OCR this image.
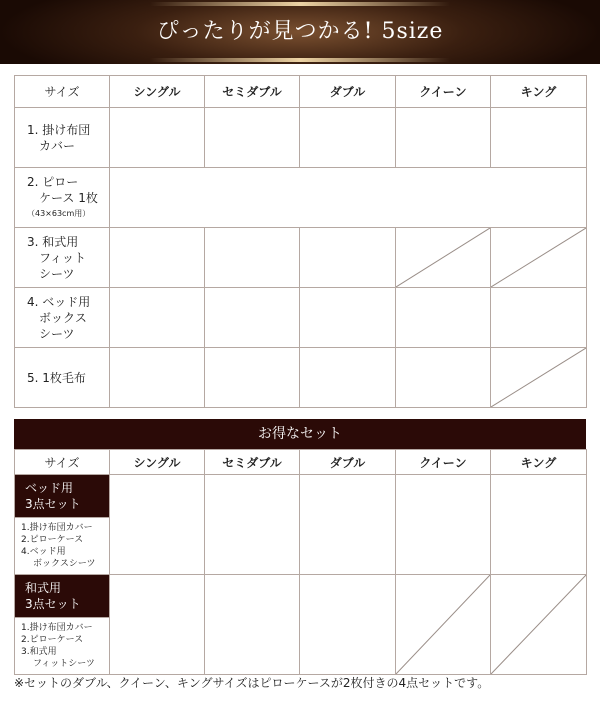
ぴったりが見つかる! 5size
サイズ	シングル	セミダブル	ダブル	クイーン	キング

1. 掛け布団
カバー					

2. ピロー
ケース 1枚
（43×63cm用）					

3. 和式用
フィット
シーツ

4. ベッド用
ボックス
シーツ					

5. 1枚毛布

お得なセット
サイズ	シングル	セミダブル	ダブル	クイーン	キング

ベッド用
3点セット					

1.掛け布団カバー
2.ピローケース
4.ベッド用
ボックスシーツ					

和式用
3点セット

1.掛け布団カバー
2.ピローケース
3.和式用
フィットシーツ					
※セットのダブル、クイーン、キングサイズはピローケースが2枚付きの4点セットです。
